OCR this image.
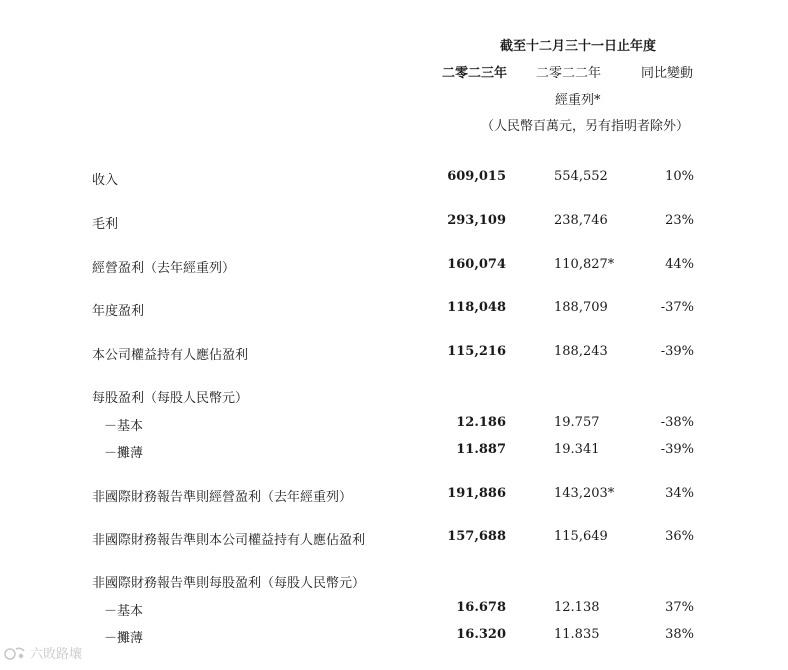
截至十二月三十一日止年度
二零二三年 二零二二年	同比變動
經重列*
（人民幣百萬元，另有指明者除外）
收入	609,015	554,552	10%
毛利	293,109	238,746	23%
經營盈利（去年經重列）	160,074	110,827*	44%
年度盈利	118,048	188,709	-37%
本公司權益持有人應佔盈利	115,216	188,243	-39%
每股盈利（每股人民幣元）
－基本	12.186	19.757	-38%
－攤薄	11.887	19.341	-39%
非國際財務報告準則經營盈利（去年經重列）	191,886	143,203*	34%
非國際財務報告準則本公司權益持有人應佔盈利	157,688	115,649	36%
非國際財務報告準則每股盈利（每股人民幣元）
－基本	16.678	12.138	37%
－攤薄	16.320	11.835	38%
六敗路壤
